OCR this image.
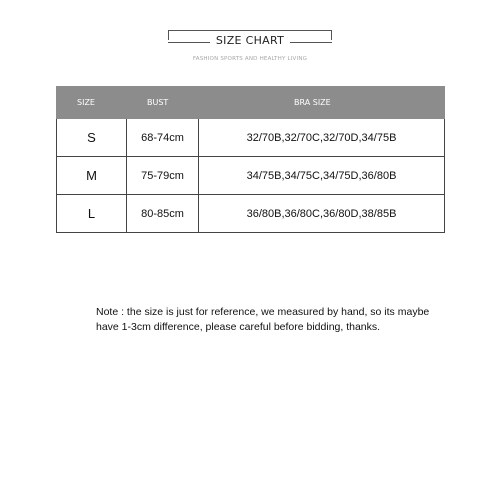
SIZE CHART
FASHION SPORTS AND HEALTHY LIVING
SIZE	BUST	BRA SIZE
S	68-74cm	32/70B,32/70C,32/70D,34/75B
M	75-79cm	34/75B,34/75C,34/75D,36/80B
L	80-85cm	36/80B,36/80C,36/80D,38/85B
Note : the size is just for reference, we measured by hand, so its maybe have 1-3cm difference, please careful before bidding, thanks.
